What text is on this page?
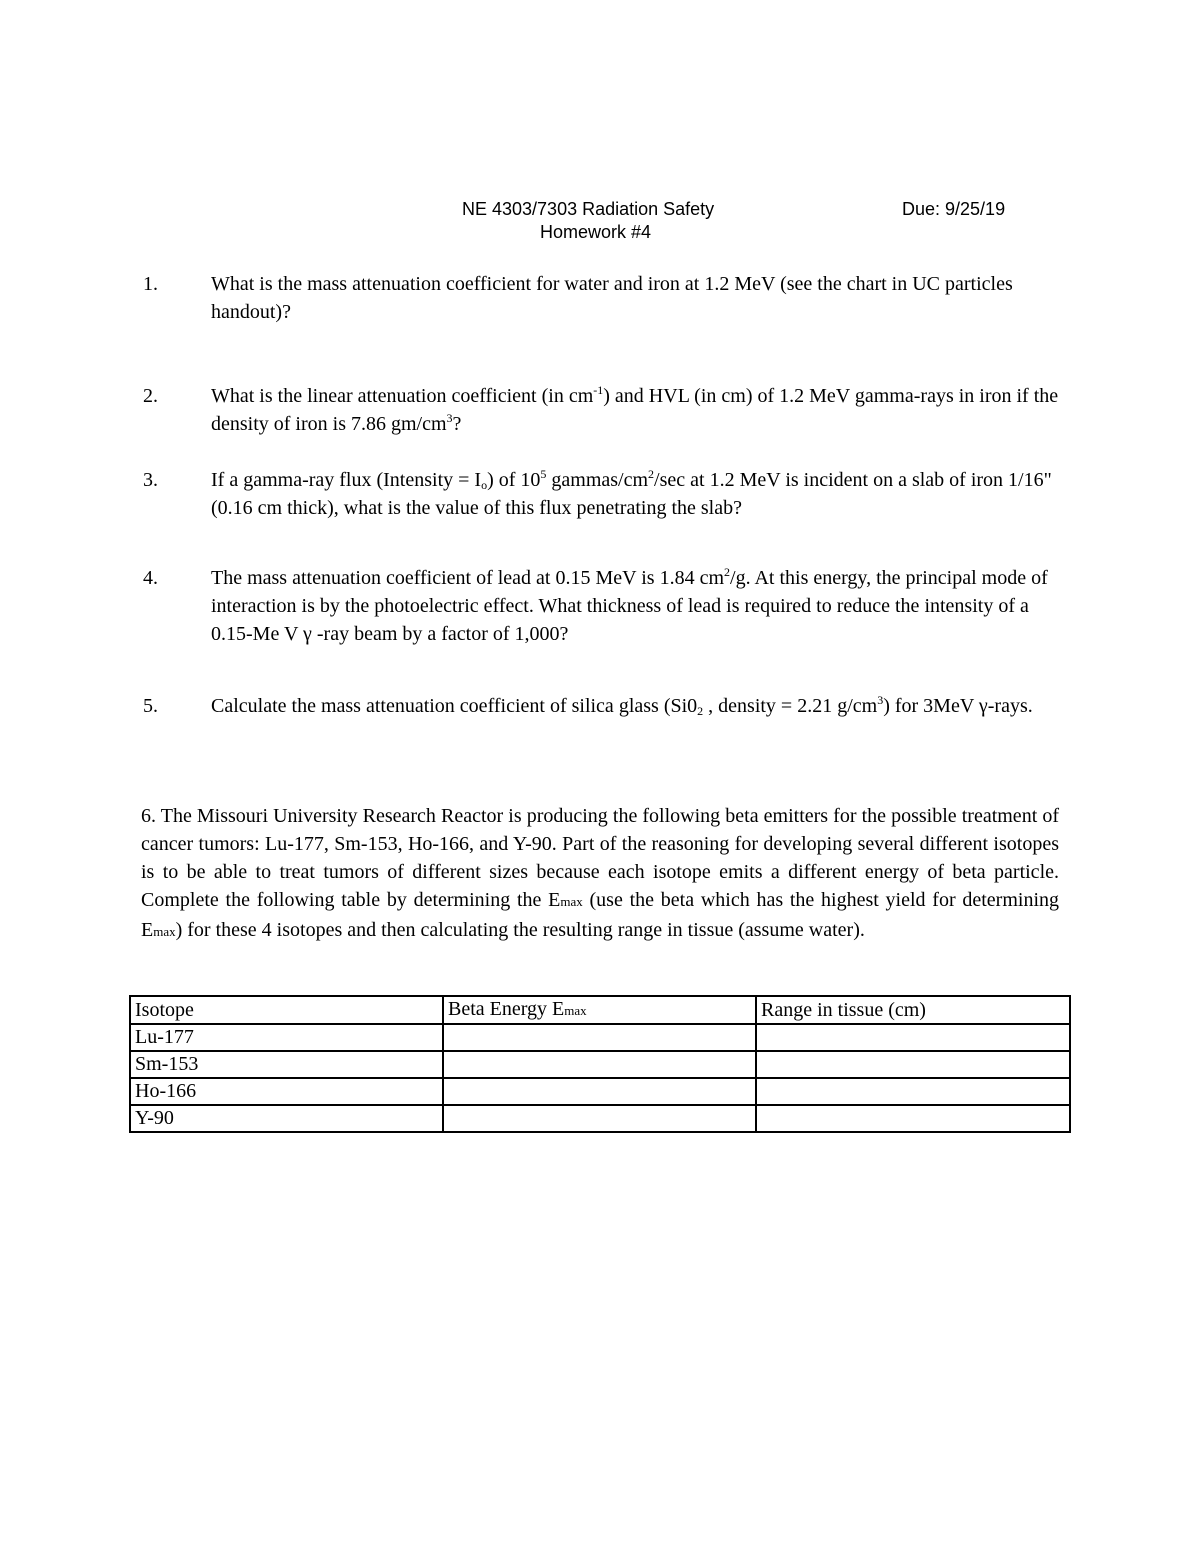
NE 4303/7303 Radiation Safety	Due: 9/25/19
Homework #4
1.	What is the mass attenuation coefficient for water and iron at 1.2 MeV (see the chart in UC particles handout)?
2.	What is the linear attenuation coefficient (in $cm^{-1}$) and HVL (in cm) of 1.2 MeV gamma-rays in iron if the density of iron is 7.86 $gm/cm^3$?
3.	If a gamma-ray flux (Intensity = $I_o$) of $10^5$ gammas/$cm^2/\sec$ at 1.2 MeV is incident on a slab of iron 1/16" (0.16 cm thick), what is the value of this flux penetrating the slab?
4.	The mass attenuation coefficient of lead at 0.15 MeV is 1.84 $cm^2/g$. At this energy, the principal mode of interaction is by the photoelectric effect. What thickness of lead is required to reduce the intensity of a 0.15-Me V γ -ray beam by a factor of 1,000?
5.	Calculate the mass attenuation coefficient of silica glass ($Si0_2$ , density = 2.21 $g/cm^3$) for 3MeV γ-rays.
6. The Missouri University Research Reactor is producing the following beta emitters for the possible treatment of cancer tumors: Lu-177, Sm-153, Ho-166, and Y-90. Part of the reasoning for developing several different isotopes is to be able to treat tumors of different sizes because each isotope emits a different energy of beta particle. Complete the following table by determining the Emax (use the beta which has the highest yield for determining Emax) for these 4 isotopes and then calculating the resulting range in tissue (assume water).
Isotope	Beta Energy Emax	Range in tissue (cm)
Lu-177		
Sm-153		
Ho-166		
Y-90		
